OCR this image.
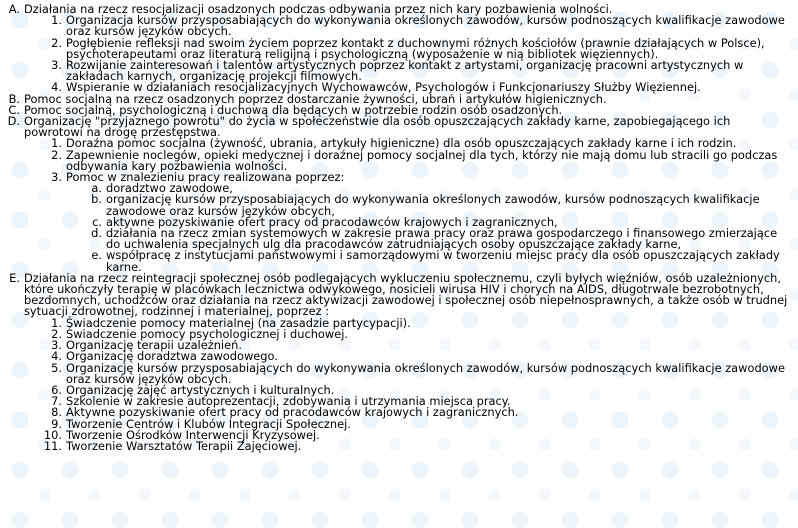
A. Działania na rzecz resocjalizacji osadzonych podczas odbywania przez nich kary pozbawienia wolności.
1. Organizacja kursów przysposabiających do wykonywania określonych zawodów, kursów podnoszących kwalifikacje zawodowe oraz kursów języków obcych.
2. Pogłębienie refleksji nad swoim życiem poprzez kontakt z duchownymi różnych kościołów (prawnie działających w Polsce), psychoterapeutami oraz literaturą religijną i psychologiczną (wyposażenie w nią bibliotek więziennych).
3. Rozwijanie zainteresowań i talentów artystycznych poprzez kontakt z artystami, organizację pracowni artystycznych w zakładach karnych, organizację projekcji filmowych.
4. Wspieranie w działaniach resocjalizacyjnych Wychowawców, Psychologów i Funkcjonariuszy Służby Więziennej.
B. Pomoc socjalną na rzecz osadzonych poprzez dostarczanie żywności, ubrań i artykułów higienicznych.
C. Pomoc socjalną, psychologiczną i duchową dla będących w potrzebie rodzin osób osadzonych.
D. Organizację "przyjaznego powrotu" do życia w społeczeństwie dla osób opuszczających zakłady karne, zapobiegającego ich powrotowi na drogę przestępstwa.
1. Doraźna pomoc socjalna (żywność, ubrania, artykuły higieniczne) dla osób opuszczających zakłady karne i ich rodzin.
2. Zapewnienie noclegów, opieki medycznej i doraźnej pomocy socjalnej dla tych, którzy nie mają domu lub stracili go podczas odbywania kary pozbawienia wolności.
3. Pomoc w znalezieniu pracy realizowana poprzez:
a. doradztwo zawodowe,
b. organizację kursów przysposabiających do wykonywania określonych zawodów, kursów podnoszących kwalifikacje zawodowe oraz kursów języków obcych,
c. aktywne pozyskiwanie ofert pracy od pracodawców krajowych i zagranicznych,
d. działania na rzecz zmian systemowych w zakresie prawa pracy oraz prawa gospodarczego i finansowego zmierzające do uchwalenia specjalnych ulg dla pracodawców zatrudniających osoby opuszczające zakłady karne,
e. współpracę z instytucjami państwowymi i samorządowymi w tworzeniu miejsc pracy dla osób opuszczających zakłady karne.
E. Działania na rzecz reintegracji społecznej osób podlegających wykluczeniu społecznemu, czyli byłych więźniów, osób uzależnionych, które ukończyły terapię w placówkach lecznictwa odwykowego, nosicieli wirusa HIV i chorych na AIDS, długotrwale bezrobotnych, bezdomnych, uchodźców oraz działania na rzecz aktywizacji zawodowej i społecznej osób niepełnosprawnych, a także osób w trudnej sytuacji zdrowotnej, rodzinnej i materialnej, poprzez :
1. Świadczenie pomocy materialnej (na zasadzie partycypacji).
2. Świadczenie pomocy psychologicznej i duchowej.
3. Organizację terapii uzależnień.
4. Organizację doradztwa zawodowego.
5. Organizację kursów przysposabiających do wykonywania określonych zawodów, kursów podnoszących kwalifikacje zawodowe oraz kursów języków obcych.
6. Organizację zajęć artystycznych i kulturalnych.
7. Szkolenie w zakresie autoprezentacji, zdobywania i utrzymania miejsca pracy.
8. Aktywne pozyskiwanie ofert pracy od pracodawców krajowych i zagranicznych.
9. Tworzenie Centrów i Klubów Integracji Społecznej.
10. Tworzenie Ośrodków Interwencji Kryzysowej.
11. Tworzenie Warsztatów Terapii Zajęciowej.
